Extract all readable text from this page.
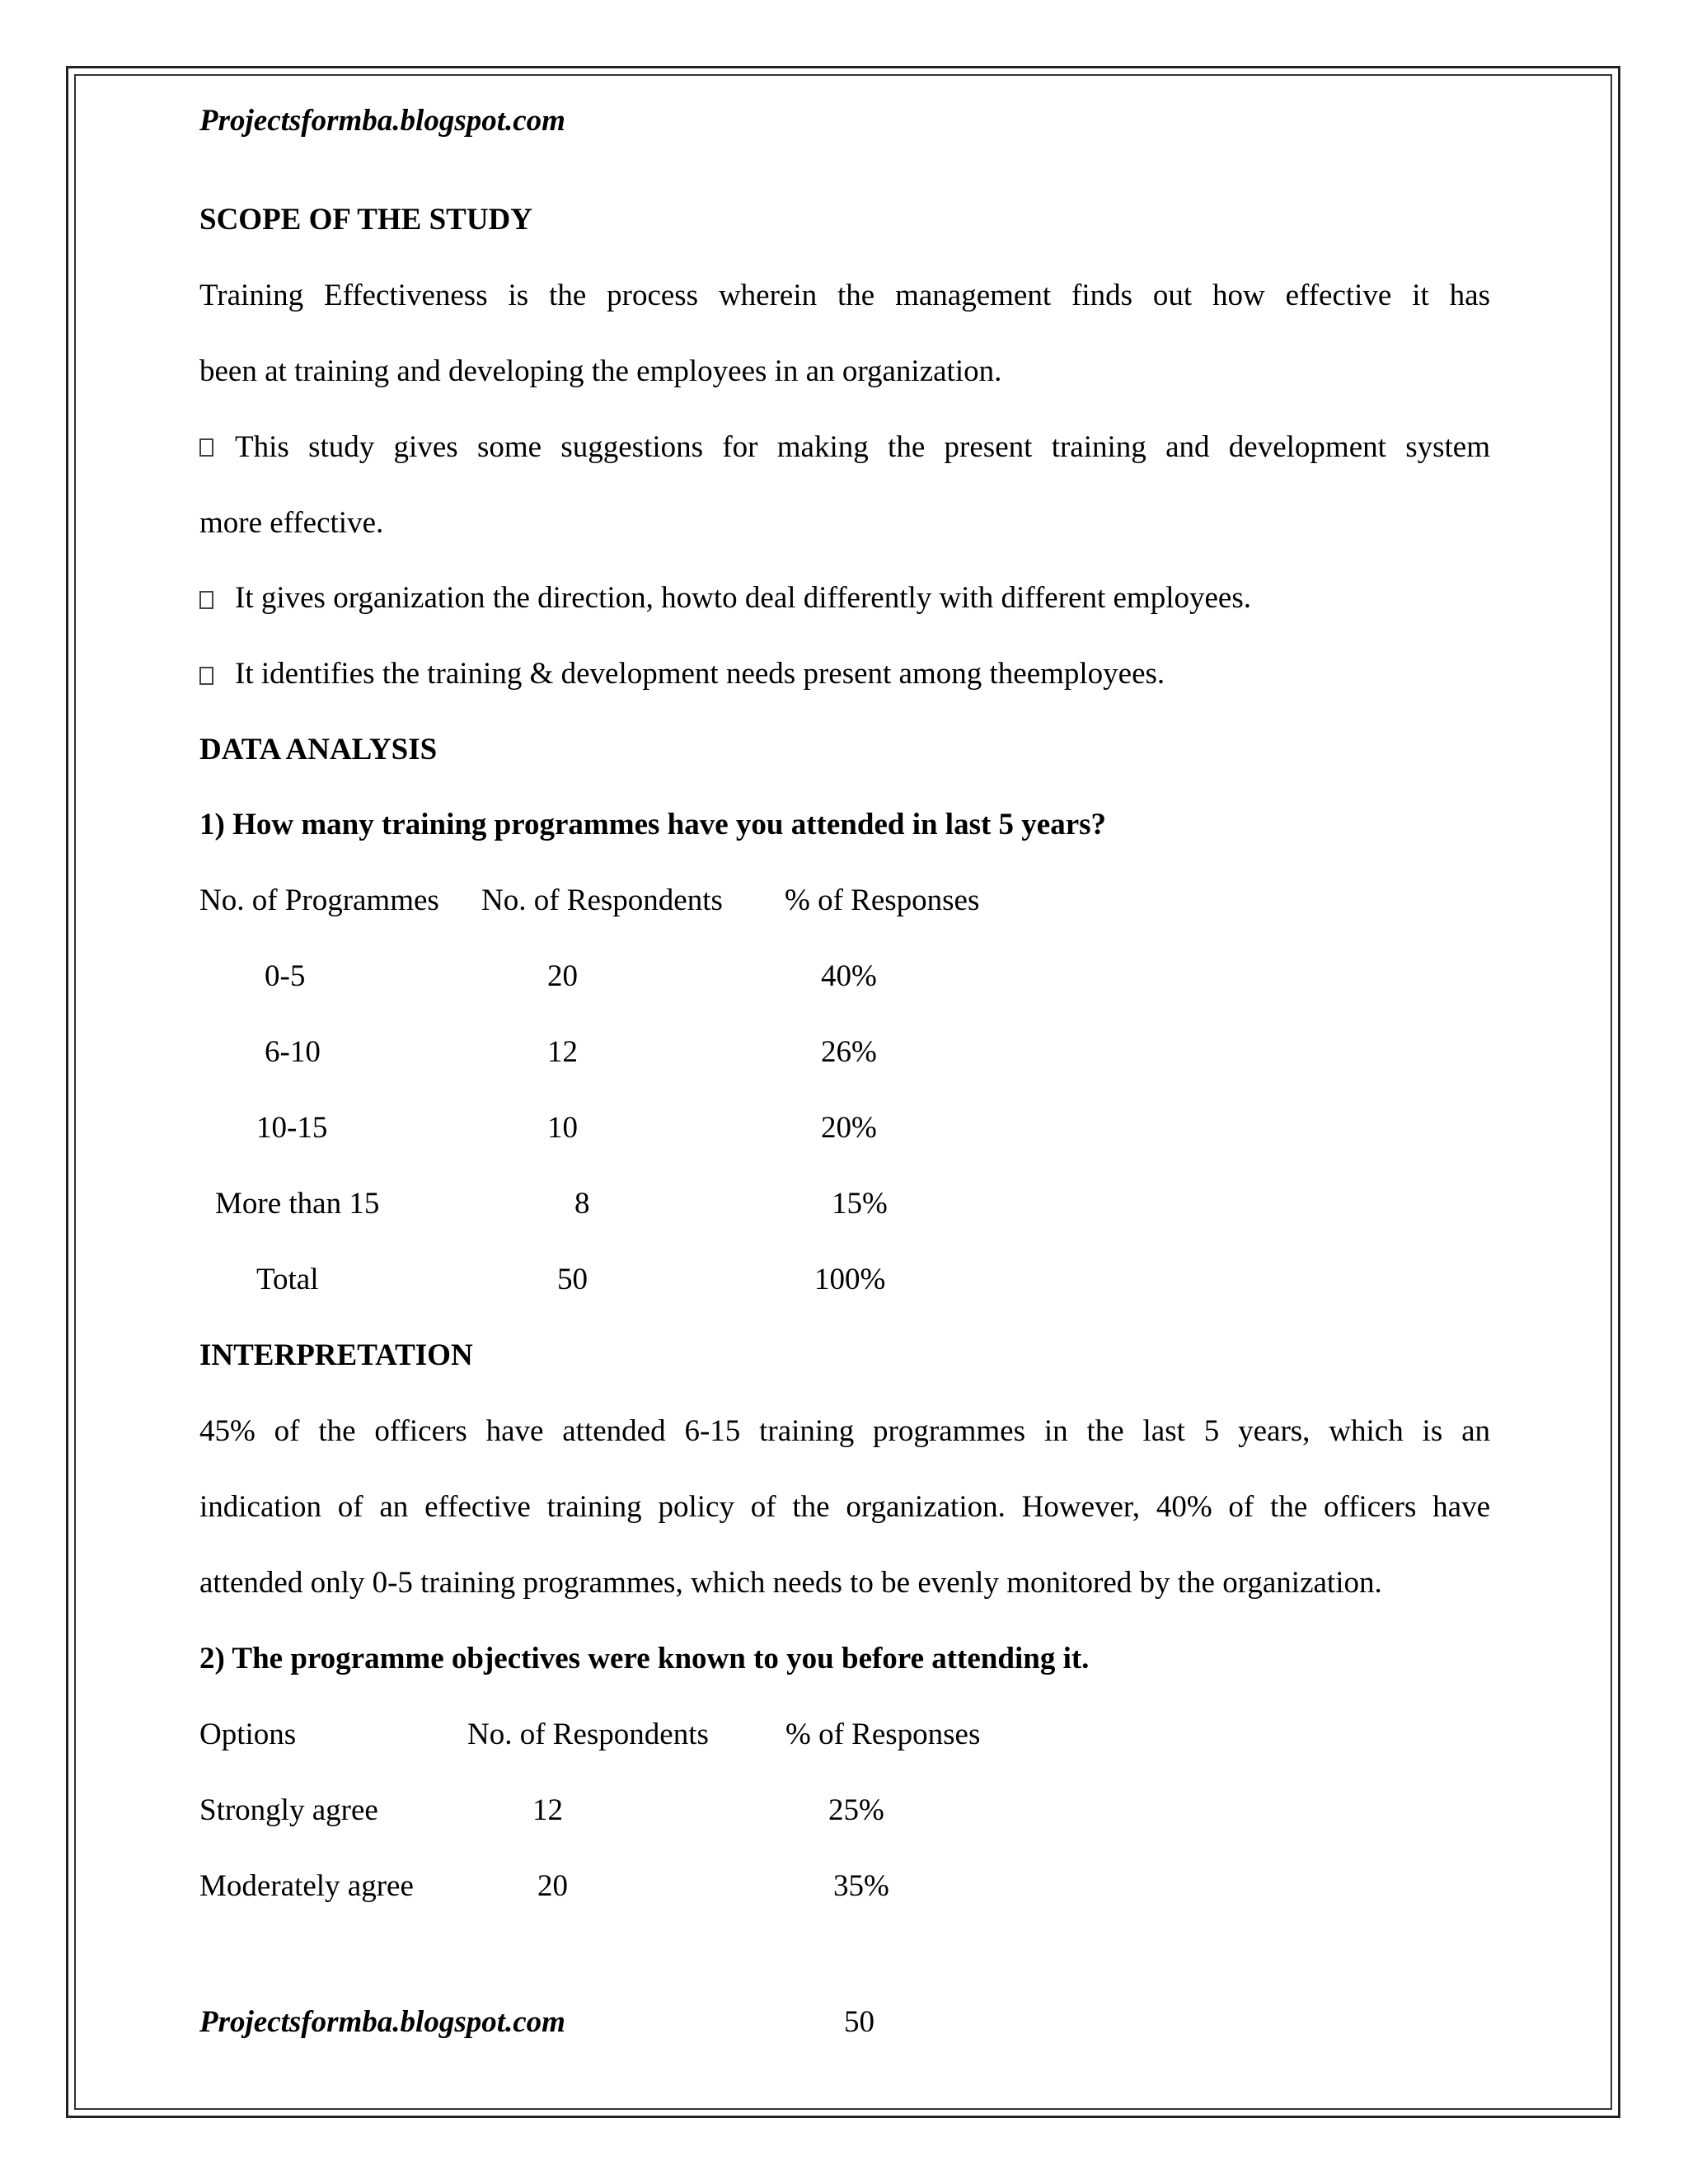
Projectsformba.blogspot.com
SCOPE OF THE STUDY
Training Effectiveness is the process wherein the management finds out how effective it has
been at training and developing the employees in an organization.
This study gives some suggestions for making the present training and development system
more effective.
It gives organization the direction, howto deal differently with different employees.
It identifies the training & development needs present among theemployees.
DATA ANALYSIS
1) How many training programmes have you attended in last 5 years?
No. of Programmes No. of Respondents % of Responses
0-5	20	40%
6-10	12	26%
10-15	10	20%
More than 15	8	15%
Total	50	100%
INTERPRETATION
45% of the officers have attended 6-15 training programmes in the last 5 years, which is an
indication of an effective training policy of the organization. However, 40% of the officers have
attended only 0-5 training programmes, which needs to be evenly monitored by the organization.
2) The programme objectives were known to you before attending it.
Options	No. of Respondents	% of Responses
Strongly agree	12	25%
Moderately agree	20	35%
Projectsformba.blogspot.com	50
